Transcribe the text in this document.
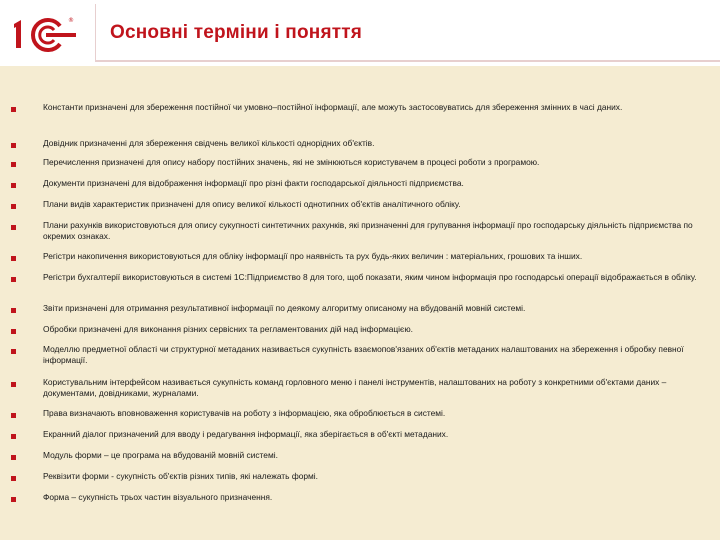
®
Основні терміни і поняття
Константи призначені для збереження постійної чи умовно–постійної інформації, але можуть застосовуватись для збереження змінних в часі даних.
Довідник призначенні для збереження свідчень великої кількості однорідних об'єктів.
Перечислення призначені для опису набору постійних значень, які не змінюються користувачем в процесі роботи з програмою.
Документи призначені для відображення інформації про різні факти господарської діяльності підприємства.
Плани видів характеристик призначені для опису великої кількості однотипних об'єктів аналітичного обліку.
Плани рахунків використовуються для опису сукупності синтетичних рахунків, які призначенні для групування інформації про господарську діяльність підприємства по окремих ознаках.
Регістри накопичення використовуються для обліку інформації про наявність та рух будь-яких величин : матеріальних, грошових та інших.
Регістри бухгалтерії використовуються в системі 1С:Підприємство 8 для того, щоб показати, яким чином інформація про господарські операції відображається в обліку.
Звіти призначені для отримання результативної інформації по деякому алгоритму описаному на вбудованій мовній системі.
Обробки призначені для виконання різних сервісних та регламентованих дій над інформацією.
Моделлю предметної області чи структурної метаданих називається сукупність взаємопов'язаних об'єктів метаданих налаштованих на збереження і обробку певної інформації.
Користувальним інтерфейсом називається сукупність команд горловного меню і панелі інструментів, налаштованих на роботу з конкретними об'єктами даних – документами, довідниками, журналами.
Права визначають вповноваження користувачів на роботу з інформацією, яка оброблюється в системі.
Екранний діалог призначений для вводу і редагування інформації, яка зберігається в об'єкті метаданих.
Модуль форми – це програма на вбудованій мовній системі.
Реквізити форми - сукупність об'єктів різних типів, які належать формі.
Форма – сукупність трьох частин візуального призначення.
